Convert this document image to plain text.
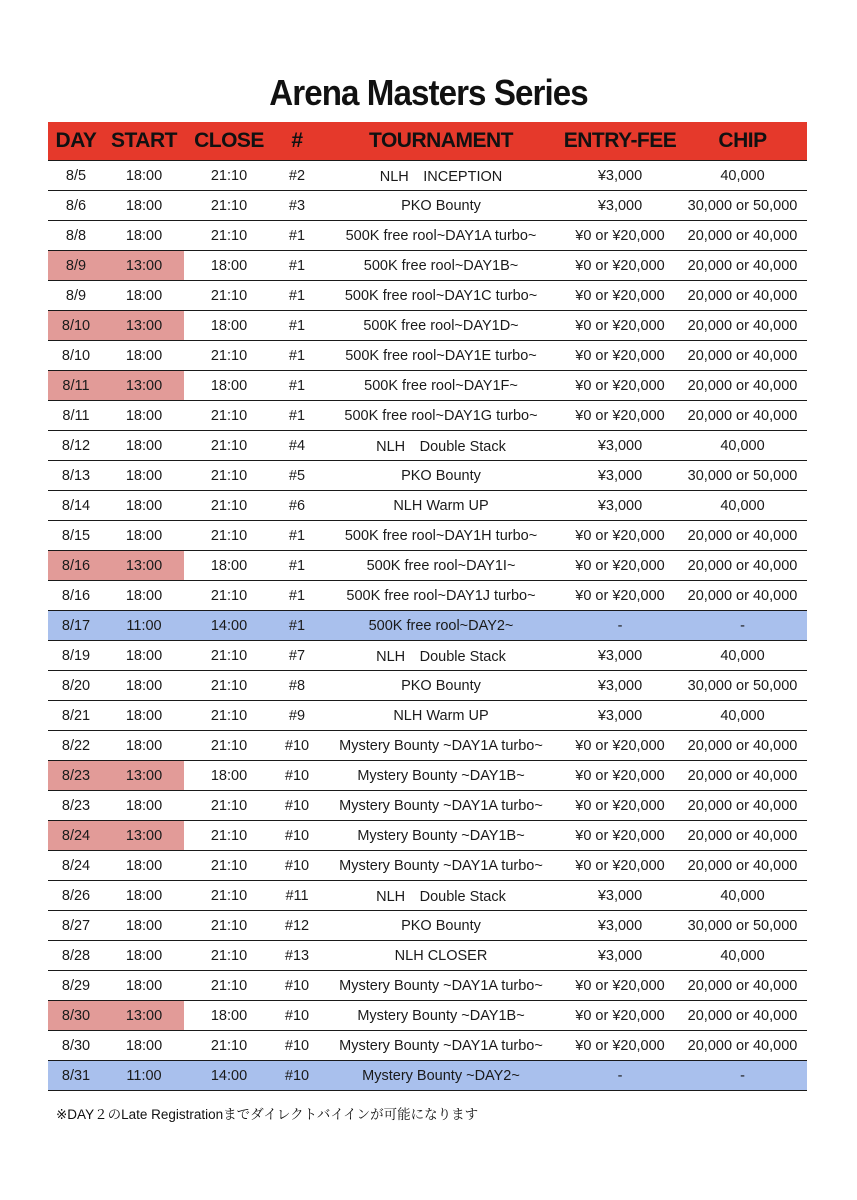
Arena Masters Series
DAY	START	CLOSE	#	TOURNAMENT	ENTRY-FEE	CHIP
8/5	18:00	21:10	#2	NLH　INCEPTION	¥3,000	40,000
8/6	18:00	21:10	#3	PKO Bounty	¥3,000	30,000 or 50,000
8/8	18:00	21:10	#1	500K free rool~DAY1A turbo~	¥0 or ¥20,000	20,000 or 40,000
8/9	13:00	18:00	#1	500K free rool~DAY1B~	¥0 or ¥20,000	20,000 or 40,000
8/9	18:00	21:10	#1	500K free rool~DAY1C turbo~	¥0 or ¥20,000	20,000 or 40,000
8/10	13:00	18:00	#1	500K free rool~DAY1D~	¥0 or ¥20,000	20,000 or 40,000
8/10	18:00	21:10	#1	500K free rool~DAY1E turbo~	¥0 or ¥20,000	20,000 or 40,000
8/11	13:00	18:00	#1	500K free rool~DAY1F~	¥0 or ¥20,000	20,000 or 40,000
8/11	18:00	21:10	#1	500K free rool~DAY1G turbo~	¥0 or ¥20,000	20,000 or 40,000
8/12	18:00	21:10	#4	NLH　Double Stack	¥3,000	40,000
8/13	18:00	21:10	#5	PKO Bounty	¥3,000	30,000 or 50,000
8/14	18:00	21:10	#6	NLH Warm UP	¥3,000	40,000
8/15	18:00	21:10	#1	500K free rool~DAY1H turbo~	¥0 or ¥20,000	20,000 or 40,000
8/16	13:00	18:00	#1	500K free rool~DAY1I~	¥0 or ¥20,000	20,000 or 40,000
8/16	18:00	21:10	#1	500K free rool~DAY1J turbo~	¥0 or ¥20,000	20,000 or 40,000
8/17	11:00	14:00	#1	500K free rool~DAY2~	-	-
8/19	18:00	21:10	#7	NLH　Double Stack	¥3,000	40,000
8/20	18:00	21:10	#8	PKO Bounty	¥3,000	30,000 or 50,000
8/21	18:00	21:10	#9	NLH Warm UP	¥3,000	40,000
8/22	18:00	21:10	#10	Mystery Bounty ~DAY1A turbo~	¥0 or ¥20,000	20,000 or 40,000
8/23	13:00	18:00	#10	Mystery Bounty ~DAY1B~	¥0 or ¥20,000	20,000 or 40,000
8/23	18:00	21:10	#10	Mystery Bounty ~DAY1A turbo~	¥0 or ¥20,000	20,000 or 40,000
8/24	13:00	21:10	#10	Mystery Bounty ~DAY1B~	¥0 or ¥20,000	20,000 or 40,000
8/24	18:00	21:10	#10	Mystery Bounty ~DAY1A turbo~	¥0 or ¥20,000	20,000 or 40,000
8/26	18:00	21:10	#11	NLH　Double Stack	¥3,000	40,000
8/27	18:00	21:10	#12	PKO Bounty	¥3,000	30,000 or 50,000
8/28	18:00	21:10	#13	NLH CLOSER	¥3,000	40,000
8/29	18:00	21:10	#10	Mystery Bounty ~DAY1A turbo~	¥0 or ¥20,000	20,000 or 40,000
8/30	13:00	18:00	#10	Mystery Bounty ~DAY1B~	¥0 or ¥20,000	20,000 or 40,000
8/30	18:00	21:10	#10	Mystery Bounty ~DAY1A turbo~	¥0 or ¥20,000	20,000 or 40,000
8/31	11:00	14:00	#10	Mystery Bounty ~DAY2~	-	-
※DAY２のLate Registrationまでダイレクトバイインが可能になります
